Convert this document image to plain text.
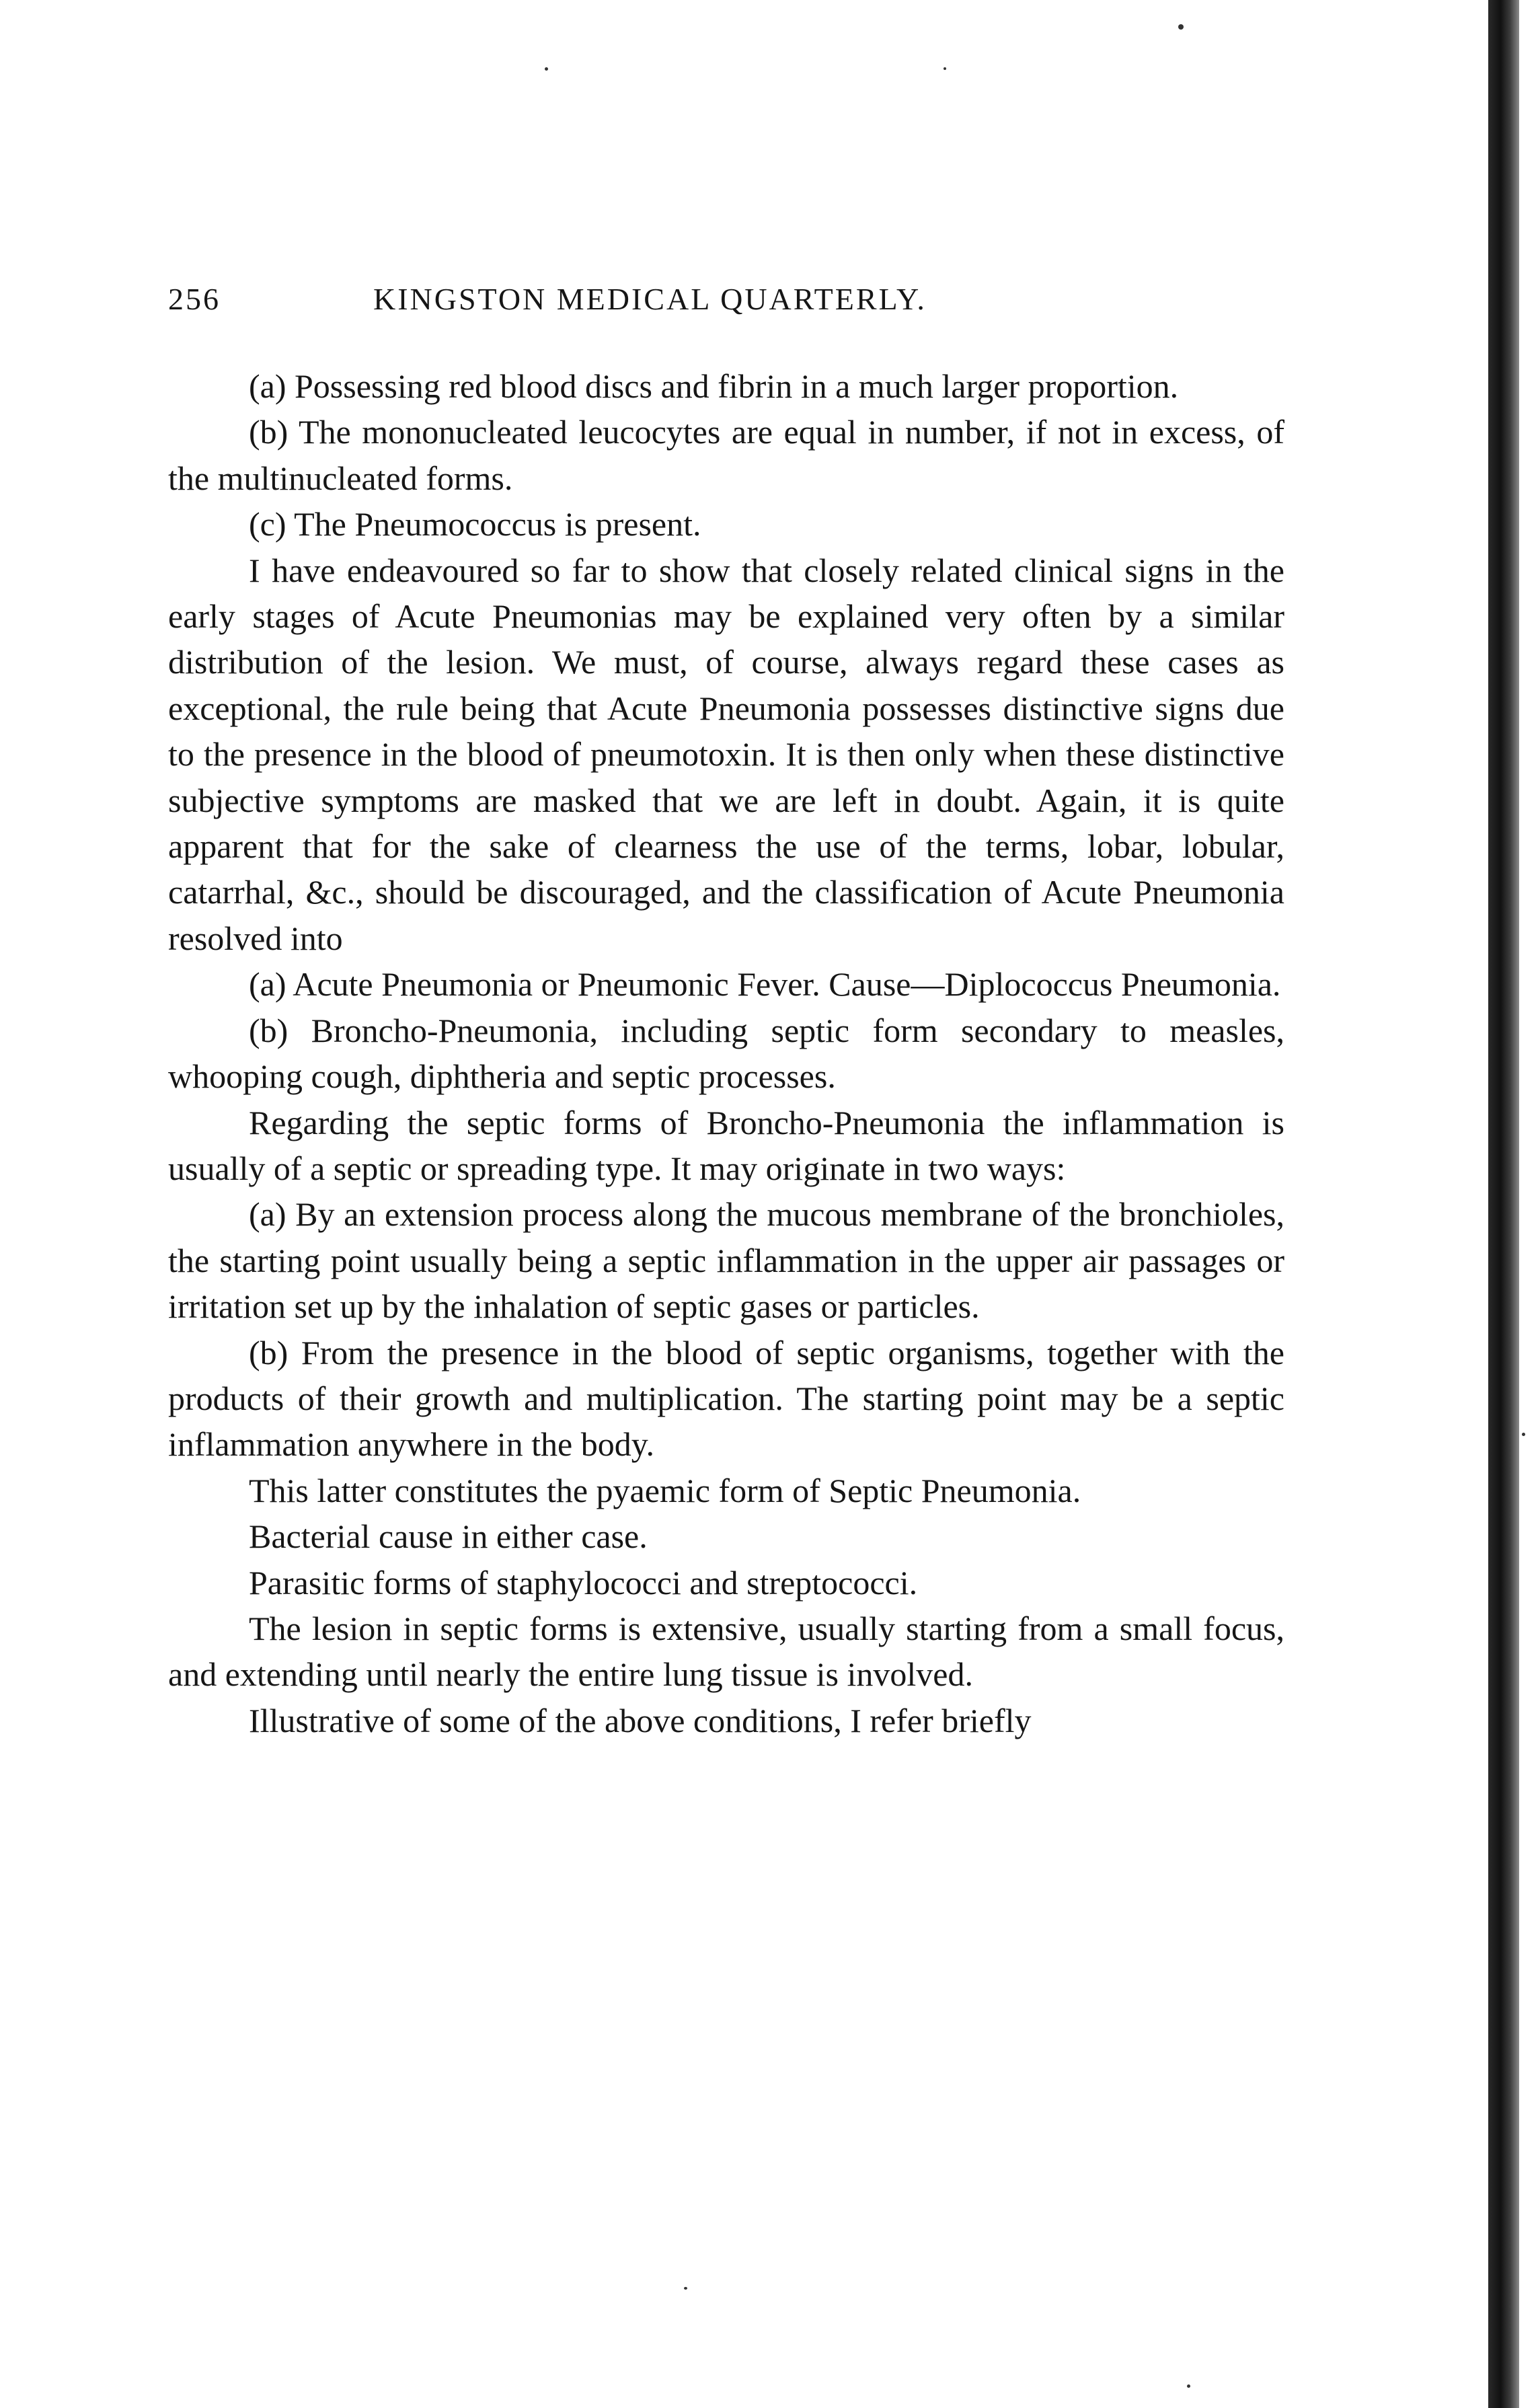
256	KINGSTON MEDICAL QUARTERLY.

(a) Possessing red blood discs and fibrin in a much larger proportion.

(b) The mononucleated leucocytes are equal in number, if not in excess, of the multinucleated forms.

(c) The Pneumococcus is present.

I have endeavoured so far to show that closely related clinical signs in the early stages of Acute Pneumonias may be explained very often by a similar distribution of the lesion. We must, of course, always regard these cases as exceptional, the rule being that Acute Pneumonia possesses distinctive signs due to the presence in the blood of pneumotoxin. It is then only when these distinctive subjective symptoms are masked that we are left in doubt. Again, it is quite apparent that for the sake of clearness the use of the terms, lobar, lobular, catarrhal, &c., should be discouraged, and the classification of Acute Pneumonia resolved into

(a) Acute Pneumonia or Pneumonic Fever. Cause—Diplococcus Pneumonia.

(b) Broncho-Pneumonia, including septic form secondary to measles, whooping cough, diphtheria and septic processes.

Regarding the septic forms of Broncho-Pneumonia the inflammation is usually of a septic or spreading type. It may originate in two ways:

(a) By an extension process along the mucous membrane of the bronchioles, the starting point usually being a septic inflammation in the upper air passages or irritation set up by the inhalation of septic gases or particles.

(b) From the presence in the blood of septic organisms, together with the products of their growth and multiplication. The starting point may be a septic inflammation anywhere in the body.

This latter constitutes the pyaemic form of Septic Pneumonia.

Bacterial cause in either case.

Parasitic forms of staphylococci and streptococci.

The lesion in septic forms is extensive, usually starting from a small focus, and extending until nearly the entire lung tissue is involved.

Illustrative of some of the above conditions, I refer briefly
